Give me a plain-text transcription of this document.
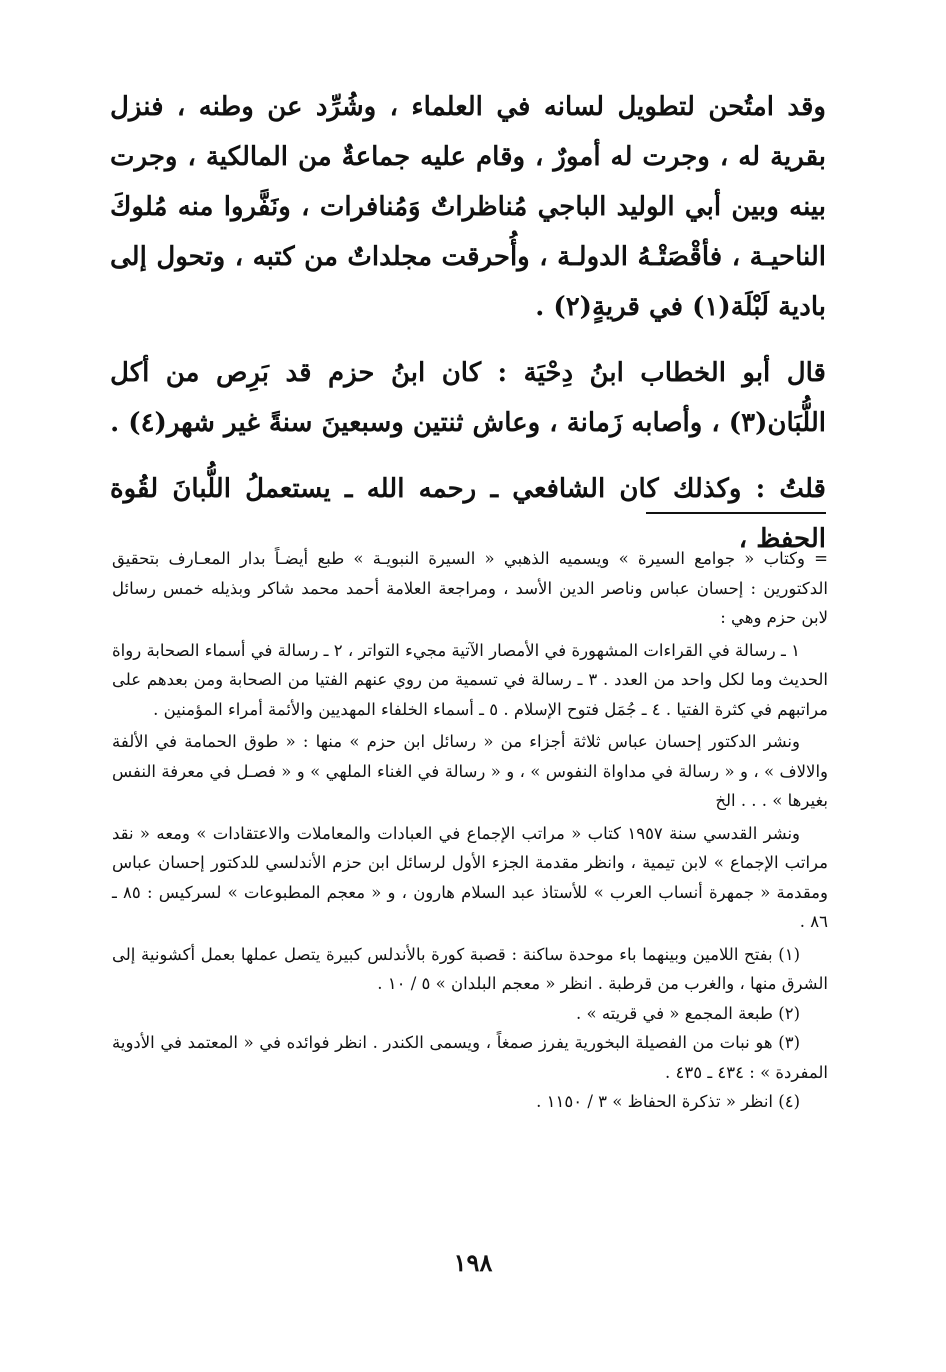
وقد امتُحن لتطويل لسانه في العلماء ، وشُرِّد عن وطنه ، فنزل بقرية له ، وجرت له أمورٌ ، وقام عليه جماعةٌ من المالكية ، وجرت بينه وبين أبي الوليد الباجي مُناظراتٌ وَمُنافرات ، ونَفَّروا منه مُلوكَ الناحيـة ، فأقْصَتْـهُ الدولـة ، وأُحرقت مجلداتٌ من كتبه ، وتحول إلى بادية لَبْلَة(١) في قريةٍ(٢) .

قال أبو الخطاب ابنُ دِحْيَة : كان ابنُ حزم قد بَرِص من أكل اللُّبَان(٣) ، وأصابه زَمانة ، وعاش ثنتين وسبعينَ سنةً غير شهر(٤) .

قلتُ : وكذلك كان الشافعي ـ رحمه الله ـ يستعملُ اللُّبانَ لقُوة الحفظ ،

= وكتاب « جوامع السيرة » ويسميه الذهبي « السيرة النبويـة » طبع أيضـاً بدار المعـارف بتحقيق الدكتورين : إحسان عباس وناصر الدين الأسد ، ومراجعة العلامة أحمد محمد شاكر وبذيله خمس رسائل لابن حزم وهي :

١ ـ رسالة في القراءات المشهورة في الأمصار الآتية مجيء التواتر ، ٢ ـ رسالة في أسماء الصحابة رواة الحديث وما لكل واحد من العدد . ٣ ـ رسالة في تسمية من روي عنهم الفتيا من الصحابة ومن بعدهم على مراتبهم في كثرة الفتيا . ٤ ـ جُمَل فتوح الإسلام . ٥ ـ أسماء الخلفاء المهديين والأئمة أمراء المؤمنين .

ونشر الدكتور إحسان عباس ثلاثة أجزاء من « رسائل ابن حزم » منها : « طوق الحمامة في الألفة والالاف » ، و « رسالة في مداواة النفوس » ، و « رسالة في الغناء الملهي » و « فصـل في معرفة النفس بغيرها » . . . الخ

ونشر القدسي سنة ١٩٥٧ كتاب « مراتب الإجماع في العبادات والمعاملات والاعتقادات » ومعه « نقد مراتب الإجماع » لابن تيمية ، وانظر مقدمة الجزء الأول لرسائل ابن حزم الأندلسي للدكتور إحسان عباس ومقدمة « جمهرة أنساب العرب » للأستاذ عبد السلام هارون ، و « معجم المطبوعات » لسركيس : ٨٥ ـ ٨٦ .

(١) بفتح اللامين وبينهما باء موحدة ساكنة : قصبة كورة بالأندلس كبيرة يتصل عملها بعمل أكشونية إلى الشرق منها ، والغرب من قرطبة . انظر « معجم البلدان » ٥ / ١٠ .

(٢) طبعة المجمع « في قريته » .

(٣) هو نبات من الفصيلة البخورية يفرز صمغاً ، ويسمى الكندر . انظر فوائده في « المعتمد في الأدوية المفردة » : ٤٣٤ ـ ٤٣٥ .

(٤) انظر « تذكرة الحفاظ » ٣ / ١١٥٠ .

١٩٨
